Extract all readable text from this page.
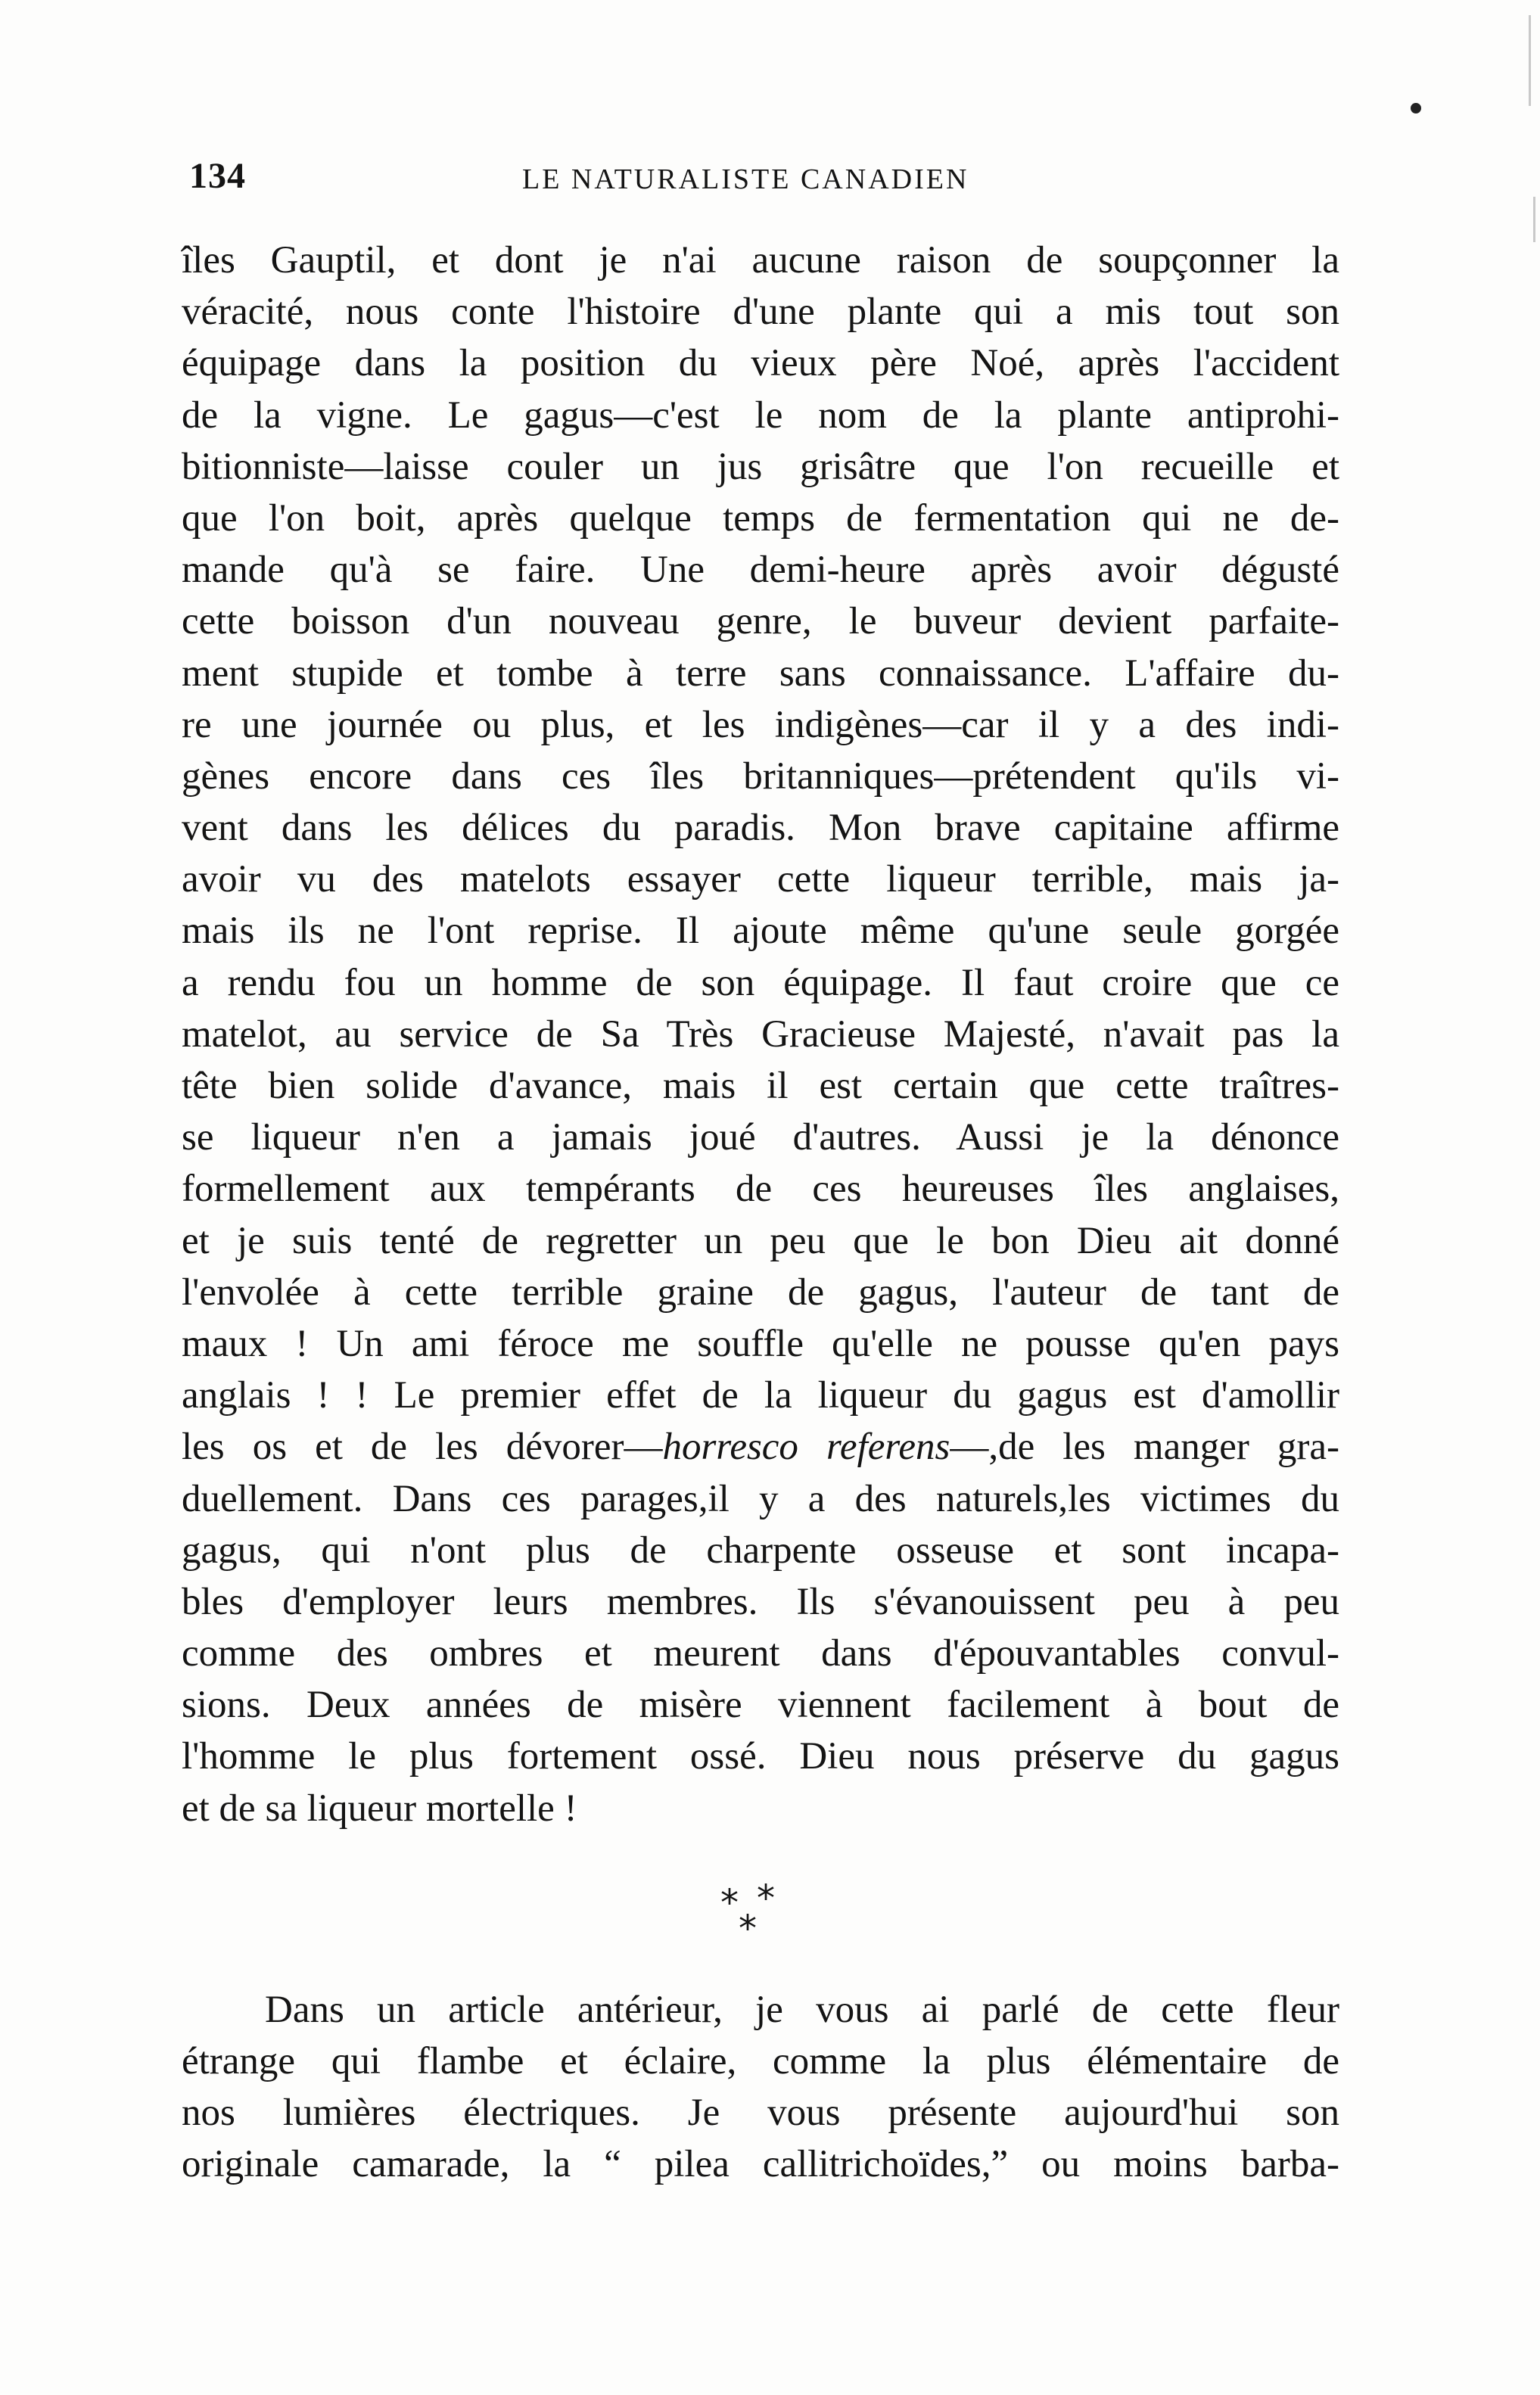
134	LE NATURALISTE CANADIEN
îles Gauptil, et dont je n'ai aucune raison de soupçonner la
véracité, nous conte l'histoire d'une plante qui a mis tout son
équipage dans la position du vieux père Noé, après l'accident
de la vigne. Le gagus—c'est le nom de la plante antiprohi-
bitionniste—laisse couler un jus grisâtre que l'on recueille et
que l'on boit, après quelque temps de fermentation qui ne de-
mande qu'à se faire. Une demi-heure après avoir dégusté
cette boisson d'un nouveau genre, le buveur devient parfaite-
ment stupide et tombe à terre sans connaissance. L'affaire du-
re une journée ou plus, et les indigènes—car il y a des indi-
gènes encore dans ces îles britanniques—prétendent qu'ils vi-
vent dans les délices du paradis. Mon brave capitaine affirme
avoir vu des matelots essayer cette liqueur terrible, mais ja-
mais ils ne l'ont reprise. Il ajoute même qu'une seule gorgée
a rendu fou un homme de son équipage. Il faut croire que ce
matelot, au service de Sa Très Gracieuse Majesté, n'avait pas la
tête bien solide d'avance, mais il est certain que cette traîtres-
se liqueur n'en a jamais joué d'autres. Aussi je la dénonce
formellement aux tempérants de ces heureuses îles anglaises,
et je suis tenté de regretter un peu que le bon Dieu ait donné
l'envolée à cette terrible graine de gagus, l'auteur de tant de
maux ! Un ami féroce me souffle qu'elle ne pousse qu'en pays
anglais ! ! Le premier effet de la liqueur du gagus est d'amollir
les os et de les dévorer—horresco referens—,de les manger gra-
duellement. Dans ces parages,il y a des naturels,les victimes du
gagus, qui n'ont plus de charpente osseuse et sont incapa-
bles d'employer leurs membres. Ils s'évanouissent peu à peu
comme des ombres et meurent dans d'épouvantables convul-
sions. Deux années de misère viennent facilement à bout de
l'homme le plus fortement ossé. Dieu nous préserve du gagus
et de sa liqueur mortelle !
* *
*
Dans un article antérieur, je vous ai parlé de cette fleur
étrange qui flambe et éclaire, comme la plus élémentaire de
nos lumières électriques. Je vous présente aujourd'hui son
originale camarade, la “ pilea callitrichoïdes,” ou moins barba-
